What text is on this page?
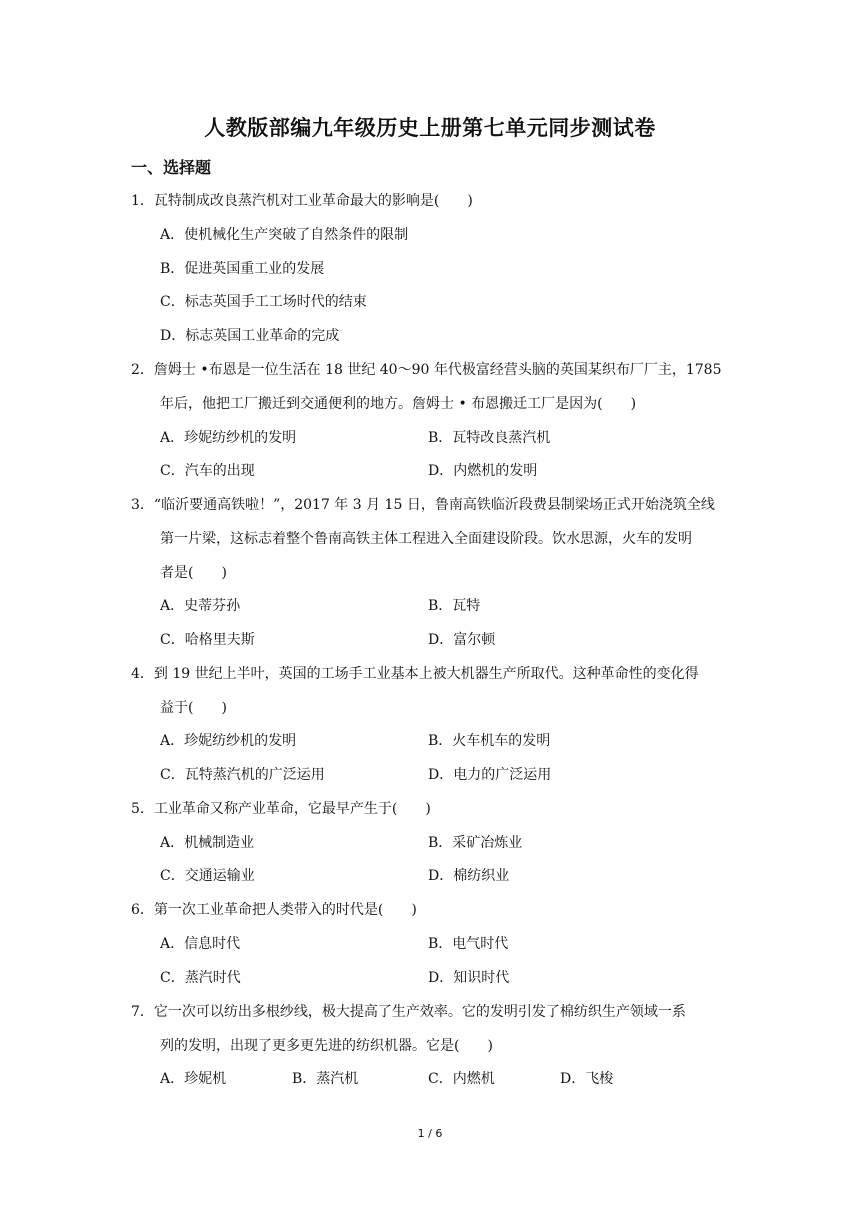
人教版部编九年级历史上册第七单元同步测试卷
一、选择题
1．瓦特制成改良蒸汽机对工业革命最大的影响是(　　)
A．使机械化生产突破了自然条件的限制
B．促进英国重工业的发展
C．标志英国手工工场时代的结束
D．标志英国工业革命的完成
2．詹姆士 •布恩是一位生活在 18 世纪 40～90 年代极富经营头脑的英国某织布厂厂主，1785
年后，他把工厂搬迁到交通便利的地方。詹姆士 • 布恩搬迁工厂是因为(　　)
A．珍妮纺纱机的发明	B．瓦特改良蒸汽机
C．汽车的出现	D．内燃机的发明
3．“临沂要通高铁啦！”，2017 年 3 月 15 日，鲁南高铁临沂段费县制梁场正式开始浇筑全线
第一片梁，这标志着整个鲁南高铁主体工程进入全面建设阶段。饮水思源，火车的发明
者是(　　)
A．史蒂芬孙	B．瓦特
C．哈格里夫斯	D．富尔顿
4．到 19 世纪上半叶，英国的工场手工业基本上被大机器生产所取代。这种革命性的变化得
益于(　　)
A．珍妮纺纱机的发明	B．火车机车的发明
C．瓦特蒸汽机的广泛运用	D．电力的广泛运用
5．工业革命又称产业革命，它最早产生于(　　)
A．机械制造业	B．采矿冶炼业
C．交通运输业	D．棉纺织业
6．第一次工业革命把人类带入的时代是(　　)
A．信息时代	B．电气时代
C．蒸汽时代	D．知识时代
7．它一次可以纺出多根纱线，极大提高了生产效率。它的发明引发了棉纺织生产领域一系
列的发明，出现了更多更先进的纺织机器。它是(　　)
A．珍妮机	B．蒸汽机	C．内燃机	D．飞梭
1 / 6
